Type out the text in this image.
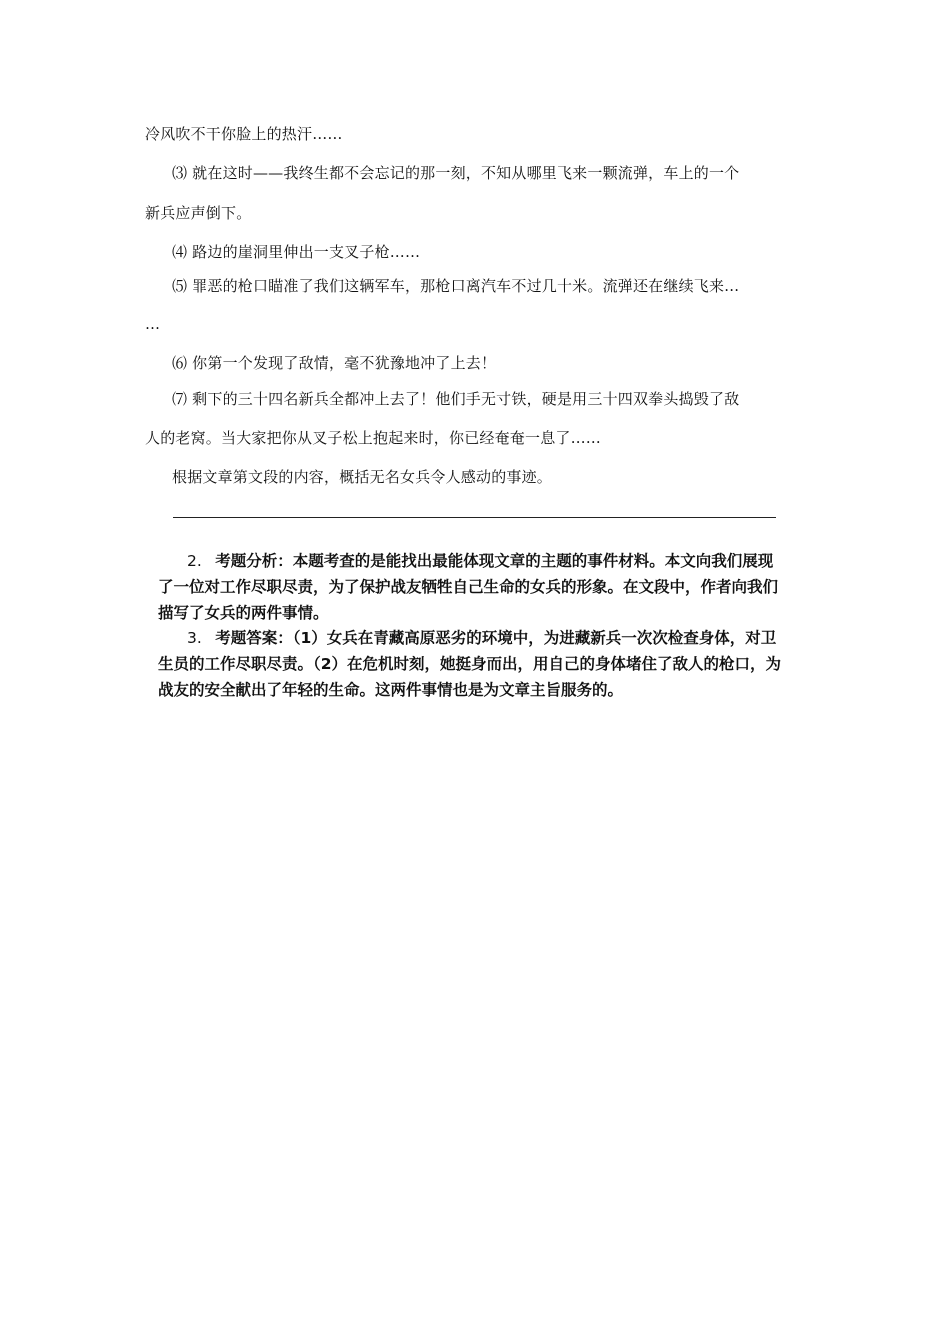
冷风吹不干你脸上的热汗……
⑶ 就在这时——我终生都不会忘记的那一刻，不知从哪里飞来一颗流弹，车上的一个
新兵应声倒下。
⑷ 路边的崖洞里伸出一支叉子枪……
⑸ 罪恶的枪口瞄准了我们这辆军车，那枪口离汽车不过几十米。流弹还在继续飞来…
…
⑹ 你第一个发现了敌情，毫不犹豫地冲了上去！
⑺ 剩下的三十四名新兵全都冲上去了！他们手无寸铁，硬是用三十四双拳头捣毁了敌
人的老窝。当大家把你从叉子松上抱起来时，你已经奄奄一息了……
根据文章第文段的内容，概括无名女兵令人感动的事迹。
2. 考题分析：本题考查的是能找出最能体现文章的主题的事件材料。本文向我们展现
了一位对工作尽职尽责，为了保护战友牺牲自己生命的女兵的形象。在文段中，作者向我们
描写了女兵的两件事情。
3. 考题答案：（1）女兵在青藏高原恶劣的环境中，为进藏新兵一次次检查身体，对卫
生员的工作尽职尽责。（2）在危机时刻，她挺身而出，用自己的身体堵住了敌人的枪口，为
战友的安全献出了年轻的生命。这两件事情也是为文章主旨服务的。
